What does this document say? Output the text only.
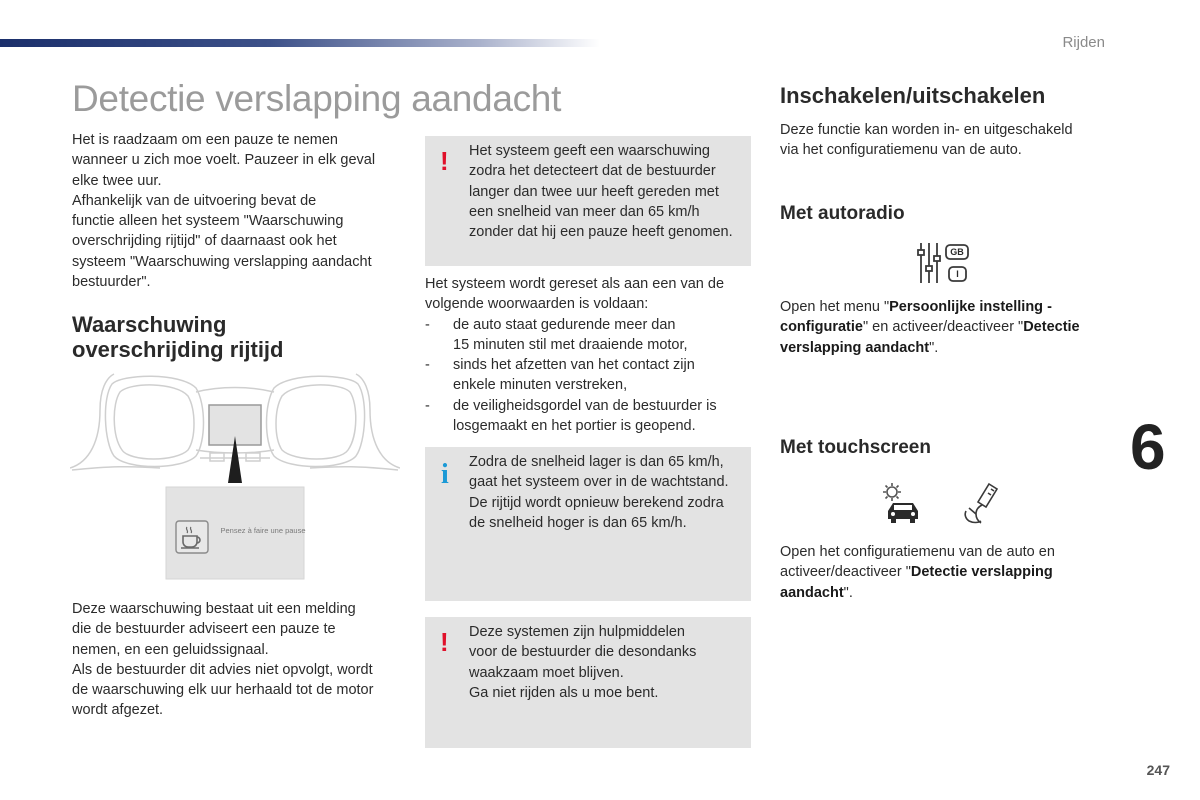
Rijden
Detectie verslapping aandacht

Het is raadzaam om een pauze te nemen

wanneer u zich moe voelt. Pauzeer in elk geval

elke twee uur.

Afhankelijk van de uitvoering bevat de

functie alleen het systeem "Waarschuwing

overschrijding rijtijd" of daarnaast ook het

systeem "Waarschuwing verslapping aandacht

bestuurder".

Waarschuwing
overschrijding rijtijd
Pensez à faire une pause

Deze waarschuwing bestaat uit een melding

die de bestuurder adviseert een pauze te

nemen, en een geluidssignaal.

Als de bestuurder dit advies niet opvolgt, wordt

de waarschuwing elk uur herhaald tot de motor

wordt afgezet.

! Het systeem geeft een waarschuwing

zodra het detecteert dat de bestuurder

langer dan twee uur heeft gereden met

een snelheid van meer dan 65 km/h

zonder dat hij een pauze heeft genomen.

Het systeem wordt gereset als aan een van de

volgende woorwaarden is voldaan:

-	de auto staat gedurende meer dan

15 minuten stil met draaiende motor,

-	sinds het afzetten van het contact zijn

enkele minuten verstreken,

-	de veiligheidsgordel van de bestuurder is

losgemaakt en het portier is geopend.

i Zodra de snelheid lager is dan 65 km/h,

gaat het systeem over in de wachtstand.

De rijtijd wordt opnieuw berekend zodra

de snelheid hoger is dan 65 km/h.

! Deze systemen zijn hulpmiddelen

voor de bestuurder die desondanks

waakzaam moet blijven.

Ga niet rijden als u moe bent.

Inschakelen/uitschakelen

Deze functie kan worden in- en uitgeschakeld

via het configuratiemenu van de auto.

Met autoradio
GB
I

Open het menu "Persoonlijke instelling -

configuratie" en activeer/deactiveer "Detectie

verslapping aandacht".

Met touchscreen

Open het configuratiemenu van de auto en

activeer/deactiveer "Detectie verslapping

aandacht".

6
247
